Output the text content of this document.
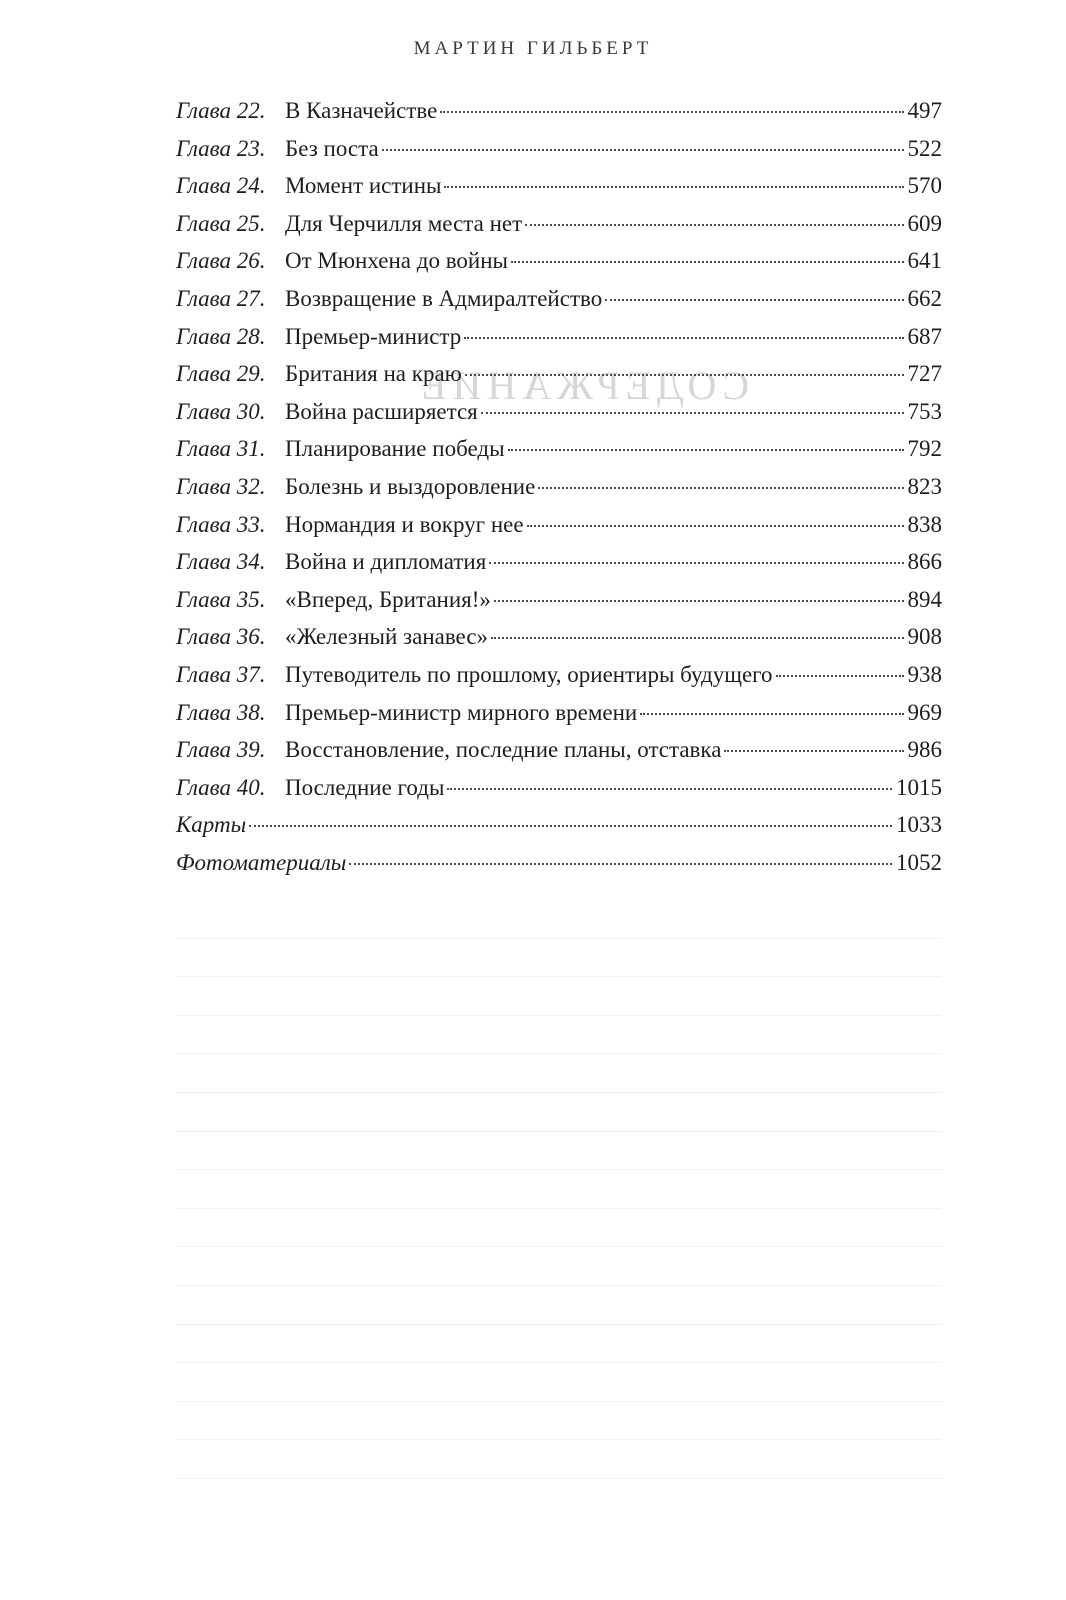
СОДЕРЖАНИЕ
МАРТИН ГИЛЬБЕРТ
Глава 22. В Казначействе	497
Глава 23. Без поста	522
Глава 24. Момент истины	570
Глава 25. Для Черчилля места нет	609
Глава 26. От Мюнхена до войны	641
Глава 27. Возвращение в Адмиралтейство	662
Глава 28. Премьер-министр	687
Глава 29. Британия на краю	727
Глава 30. Война расширяется	753
Глава 31. Планирование победы	792
Глава 32. Болезнь и выздоровление	823
Глава 33. Нормандия и вокруг нее	838
Глава 34. Война и дипломатия	866
Глава 35. «Вперед, Британия!»	894
Глава 36. «Железный занавес»	908
Глава 37. Путеводитель по прошлому, ориентиры будущего	938
Глава 38. Премьер-министр мирного времени	969
Глава 39. Восстановление, последние планы, отставка	986
Глава 40. Последние годы	1015
Карты	1033
Фотоматериалы	1052
